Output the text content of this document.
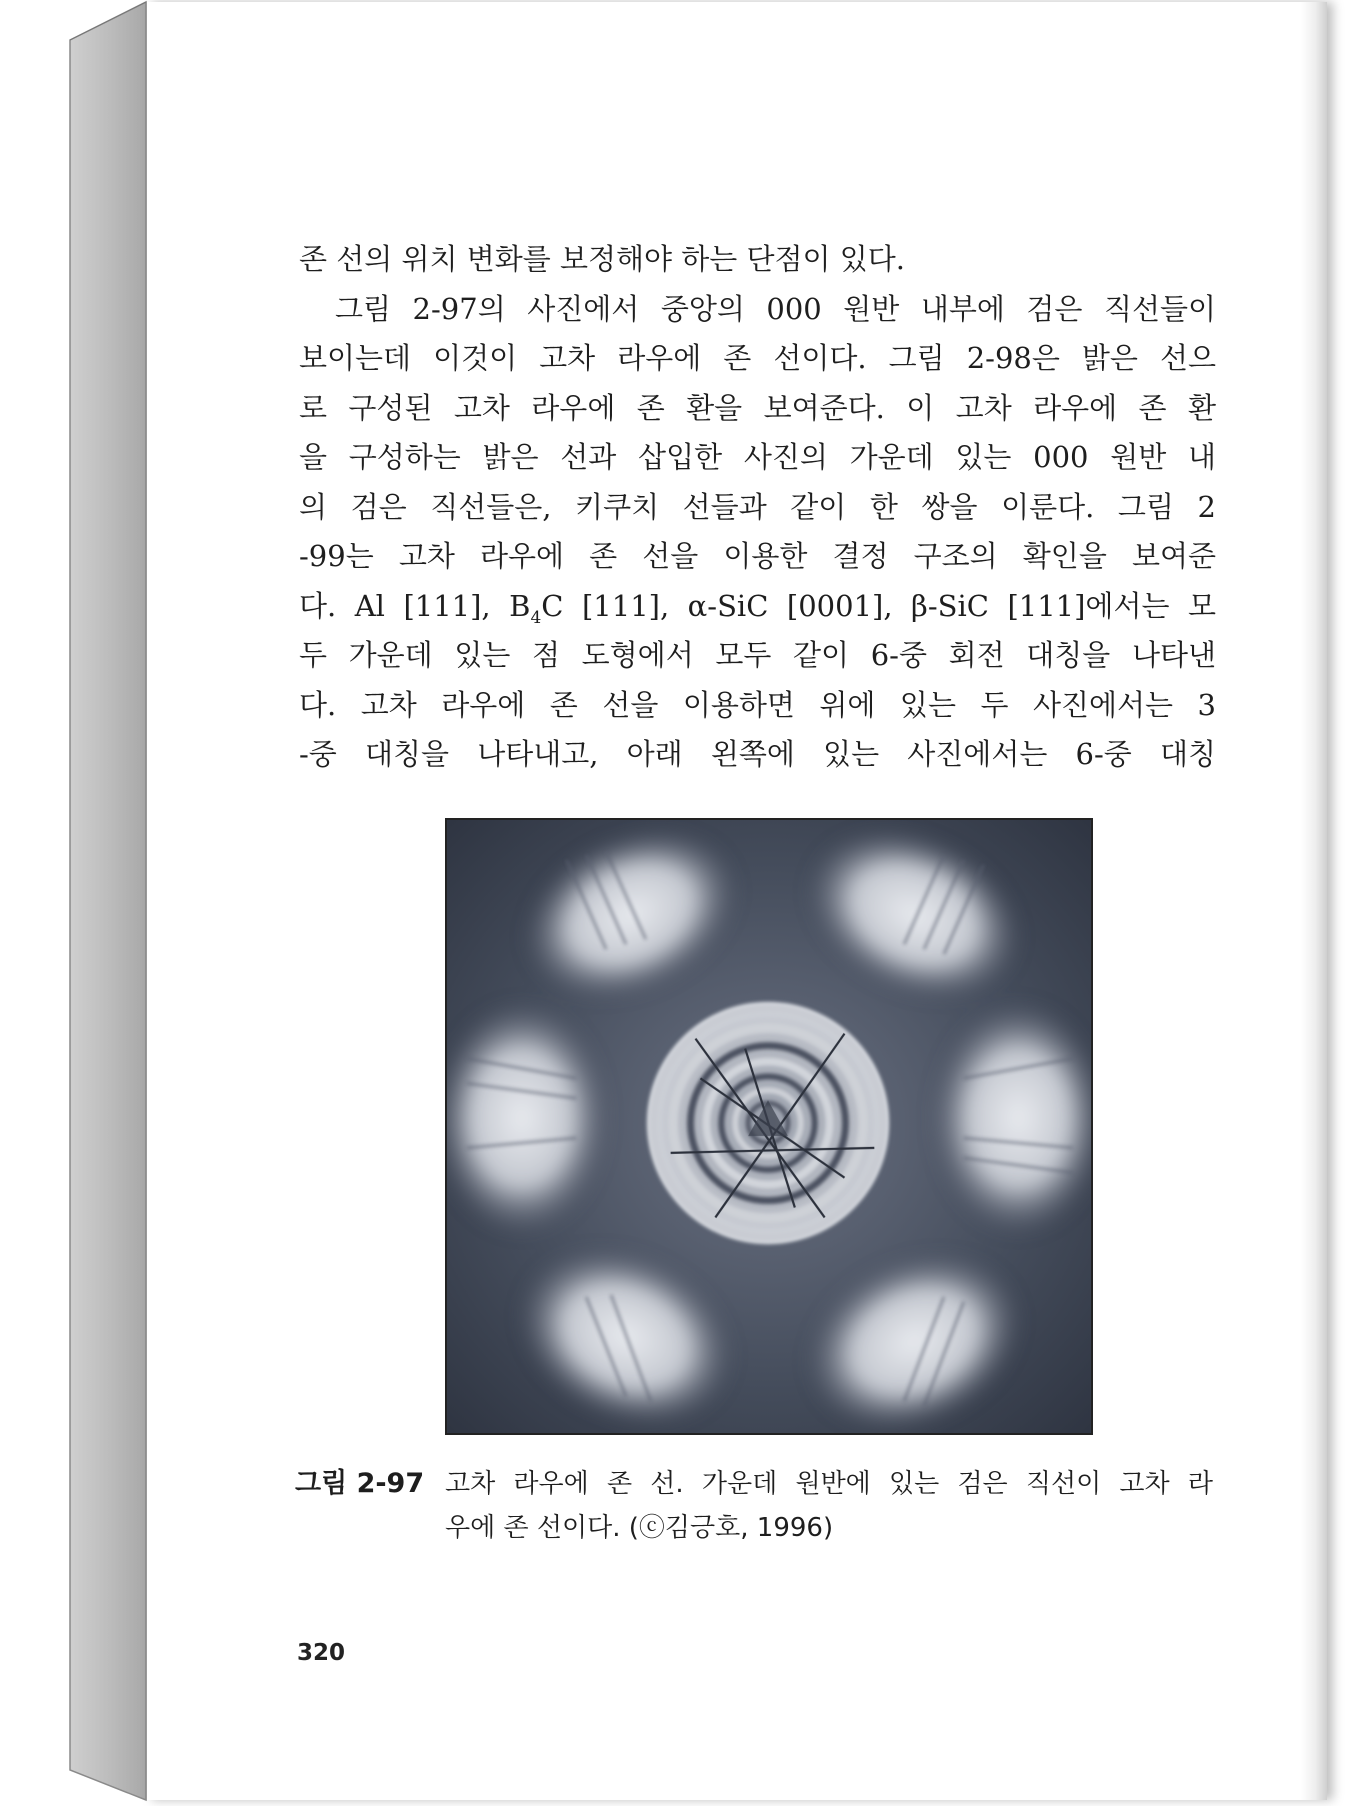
존 선의 위치 변화를 보정해야 하는 단점이 있다.
그림 2-97의 사진에서 중앙의 000 원반 내부에 검은 직선들이
보이는데 이것이 고차 라우에 존 선이다. 그림 2-98은 밝은 선으
로 구성된 고차 라우에 존 환을 보여준다. 이 고차 라우에 존 환
을 구성하는 밝은 선과 삽입한 사진의 가운데 있는 000 원반 내
의 검은 직선들은, 키쿠치 선들과 같이 한 쌍을 이룬다. 그림 2
-99는 고차 라우에 존 선을 이용한 결정 구조의 확인을 보여준
다. Al [111], $B_4C$ [111], α-SiC [0001], β-SiC [111]에서는 모
두 가운데 있는 점 도형에서 모두 같이 6-중 회전 대칭을 나타낸
다. 고차 라우에 존 선을 이용하면 위에 있는 두 사진에서는 3
-중 대칭을 나타내고, 아래 왼쪽에 있는 사진에서는 6-중 대칭
그림 2-97 고차 라우에 존 선. 가운데 원반에 있는 검은 직선이 고차 라
우에 존 선이다. (ⓒ김긍호, 1996)
320
